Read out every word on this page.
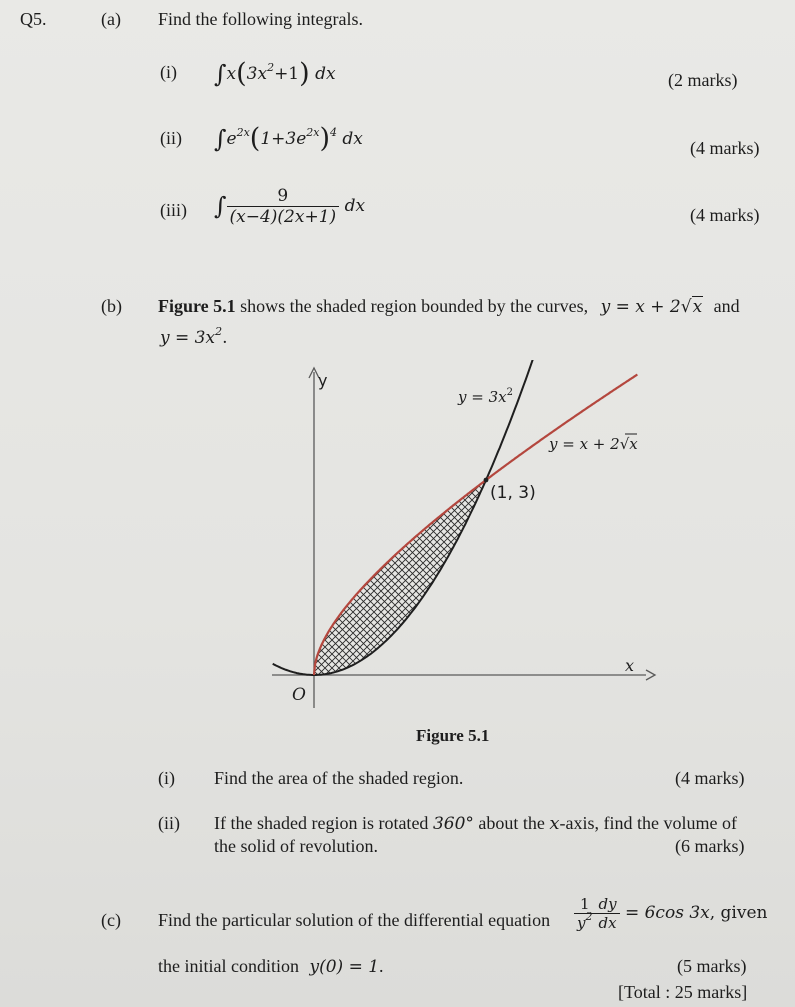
Q5.	(a) Find the following integrals.
(i) $\int x(3x^2+1)$ dx	(2 marks)
(ii) $\int e^{2x}(1+3e^{2x})^4$ dx	(4 marks)
(iii) ∫ $\frac{9}{(x-4)(2x+1)}$ dx	(4 marks)
(b) Figure 5.1 shows the shaded region bounded by the curves, y = x + 2√x and
$y = 3x^2$.
y
x
O
$y = 3x^2$
y = x + 2√x
(1, 3)
Figure 5.1
(i) Find the area of the shaded region.	(4 marks)
(ii) If the shaded region is rotated 360° about the x-axis, find the volume of
the solid of revolution.	(6 marks)
(c) Find the particular solution of the differential equation $\frac{1}{y^2} \frac{dy}{dx} = 6\cos$ 3x, given
the initial condition y(0) = 1.	(5 marks)
[Total : 25 marks]
